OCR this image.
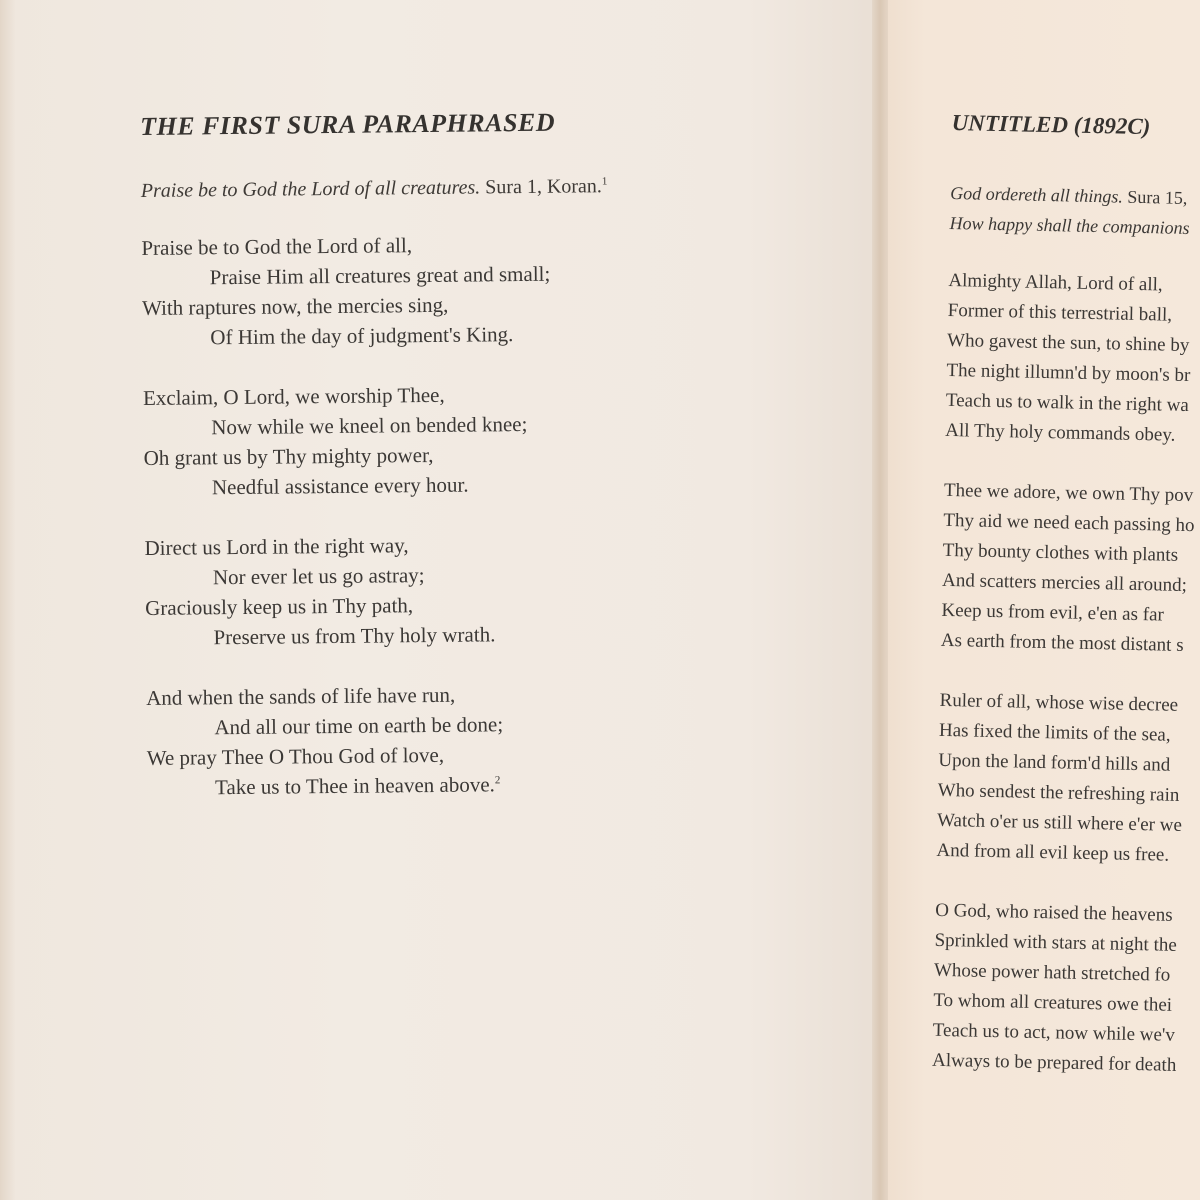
THE FIRST SURA PARAPHRASED
Praise be to God the Lord of all creatures. Sura 1, Koran.$^1$
Praise be to God the Lord of all,
Praise Him all creatures great and small;
With raptures now, the mercies sing,
Of Him the day of judgment's King.
Exclaim, O Lord, we worship Thee,
Now while we kneel on bended knee;
Oh grant us by Thy mighty power,
Needful assistance every hour.
Direct us Lord in the right way,
Nor ever let us go astray;
Graciously keep us in Thy path,
Preserve us from Thy holy wrath.
And when the sands of life have run,
And all our time on earth be done;
We pray Thee O Thou God of love,
Take us to Thee in heaven above.$^2$
UNTITLED (1892C)
God ordereth all things. Sura 15,
How happy shall the companions
Almighty Allah, Lord of all,
Former of this terrestrial ball,
Who gavest the sun, to shine by
The night illumn'd by moon's br
Teach us to walk in the right wa
All Thy holy commands obey.
Thee we adore, we own Thy pov
Thy aid we need each passing ho
Thy bounty clothes with plants
And scatters mercies all around;
Keep us from evil, e'en as far
As earth from the most distant s
Ruler of all, whose wise decree
Has fixed the limits of the sea,
Upon the land form'd hills and
Who sendest the refreshing rain
Watch o'er us still where e'er we
And from all evil keep us free.
O God, who raised the heavens
Sprinkled with stars at night the
Whose power hath stretched fo
To whom all creatures owe thei
Teach us to act, now while we'v
Always to be prepared for death
